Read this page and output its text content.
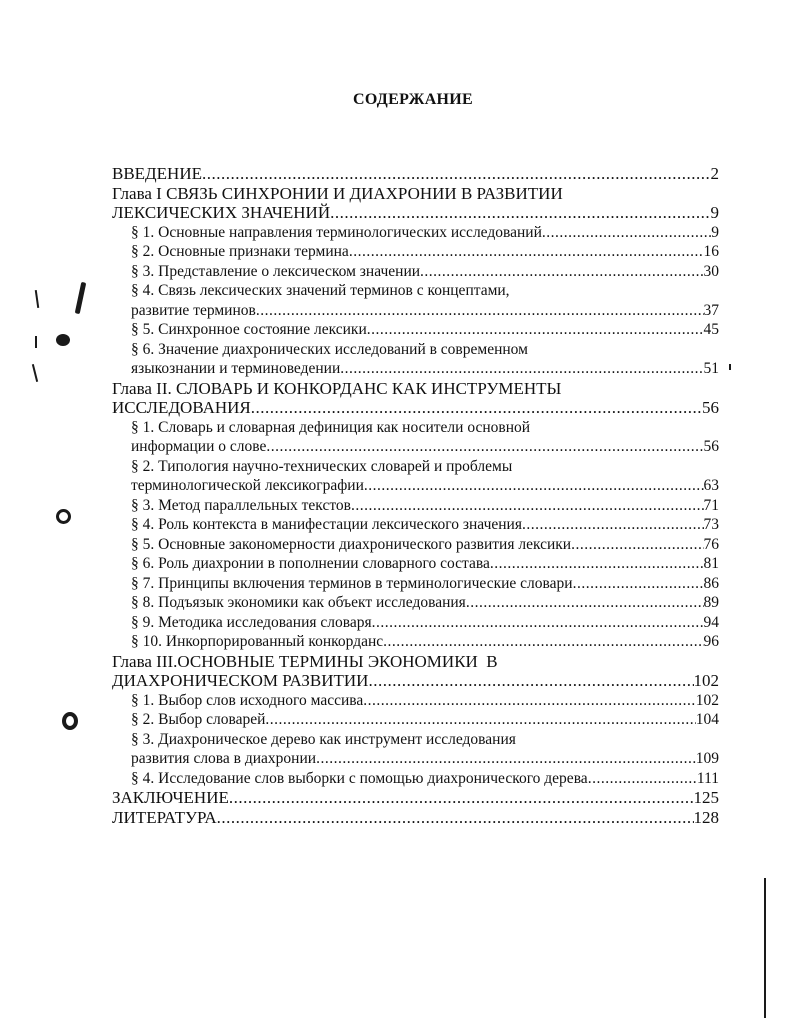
СОДЕРЖАНИЕ
ВВЕДЕНИЕ .....	2
Глава I СВЯЗЬ СИНХРОНИИ И ДИАХРОНИИ В РАЗВИТИИ
ЛЕКСИЧЕСКИХ ЗНАЧЕНИЙ .....	9
§ 1. Основные направления терминологических исследований .....	9
§ 2. Основные признаки термина .....	16
§ 3. Представление о лексическом значении .....	30
§ 4. Связь лексических значений терминов с концептами,
развитие терминов .....	37
§ 5. Синхронное состояние лексики .....	45
§ 6. Значение диахронических исследований в современном
языкознании и терминоведении .....	51
Глава II. СЛОВАРЬ И КОНКОРДАНС КАК ИНСТРУМЕНТЫ
ИССЛЕДОВАНИЯ .....	56
§ 1. Словарь и словарная дефиниция как носители основной
информации о слове .....	56
§ 2. Типология научно-технических словарей и проблемы
терминологической лексикографии .....	63
§ 3. Метод параллельных текстов .....	71
§ 4. Роль контекста в манифестации лексического значения .....	73
§ 5. Основные закономерности диахронического развития лексики .....	76
§ 6. Роль диахронии в пополнении словарного состава .....	81
§ 7. Принципы включения терминов в терминологические словари .....	86
§ 8. Подъязык экономики как объект исследования .....	89
§ 9. Методика исследования словаря .....	94
§ 10. Инкорпорированный конкорданс .....	96
Глава III.ОСНОВНЫЕ ТЕРМИНЫ ЭКОНОМИКИ  В
ДИАХРОНИЧЕСКОМ РАЗВИТИИ .....	102
§ 1. Выбор слов исходного массива .....	102
§ 2. Выбор словарей .....	104
§ 3. Диахроническое дерево как инструмент исследования
развития слова в диахронии .....	109
§ 4. Исследование слов выборки с помощью диахронического дерева .....	111
ЗАКЛЮЧЕНИЕ .....	125
ЛИТЕРАТУРА .....	128
